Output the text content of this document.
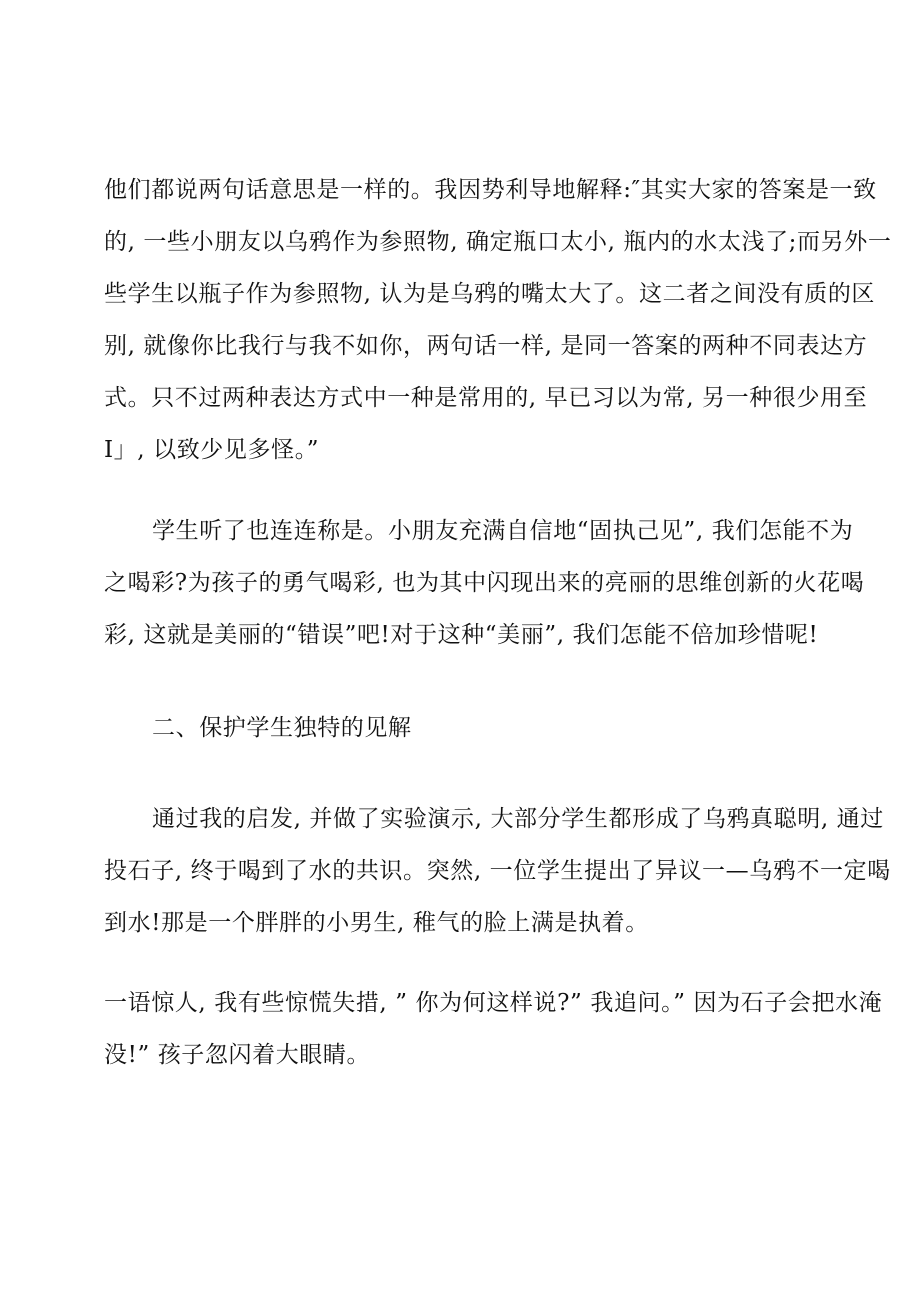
他们都说两句话意思是一样的。我因势利导地解释:″其实大家的答案是一致
的, 一些小朋友以乌鸦作为参照物, 确定瓶口太小, 瓶内的水太浅了;而另外一
些学生以瓶子作为参照物, 认为是乌鸦的嘴太大了。这二者之间没有质的区
别, 就像你比我行与我不如你，两句话一样, 是同一答案的两种不同表达方
式。只不过两种表达方式中一种是常用的, 早已习以为常, 另一种很少用至
I」, 以致少见多怪。”
学生听了也连连称是。小朋友充满自信地“固执己见”, 我们怎能不为
之喝彩?为孩子的勇气喝彩, 也为其中闪现出来的亮丽的思维创新的火花喝
彩, 这就是美丽的“错误”吧!对于这种“美丽”, 我们怎能不倍加珍惜呢!
二、保护学生独特的见解
通过我的启发, 并做了实验演示, 大部分学生都形成了乌鸦真聪明, 通过
投石子, 终于喝到了水的共识。突然, 一位学生提出了异议一—乌鸦不一定喝
到水!那是一个胖胖的小男生, 稚气的脸上满是执着。
一语惊人, 我有些惊慌失措, ” 你为何这样说?” 我追问。” 因为石子会把水淹
没!” 孩子忽闪着大眼睛。
